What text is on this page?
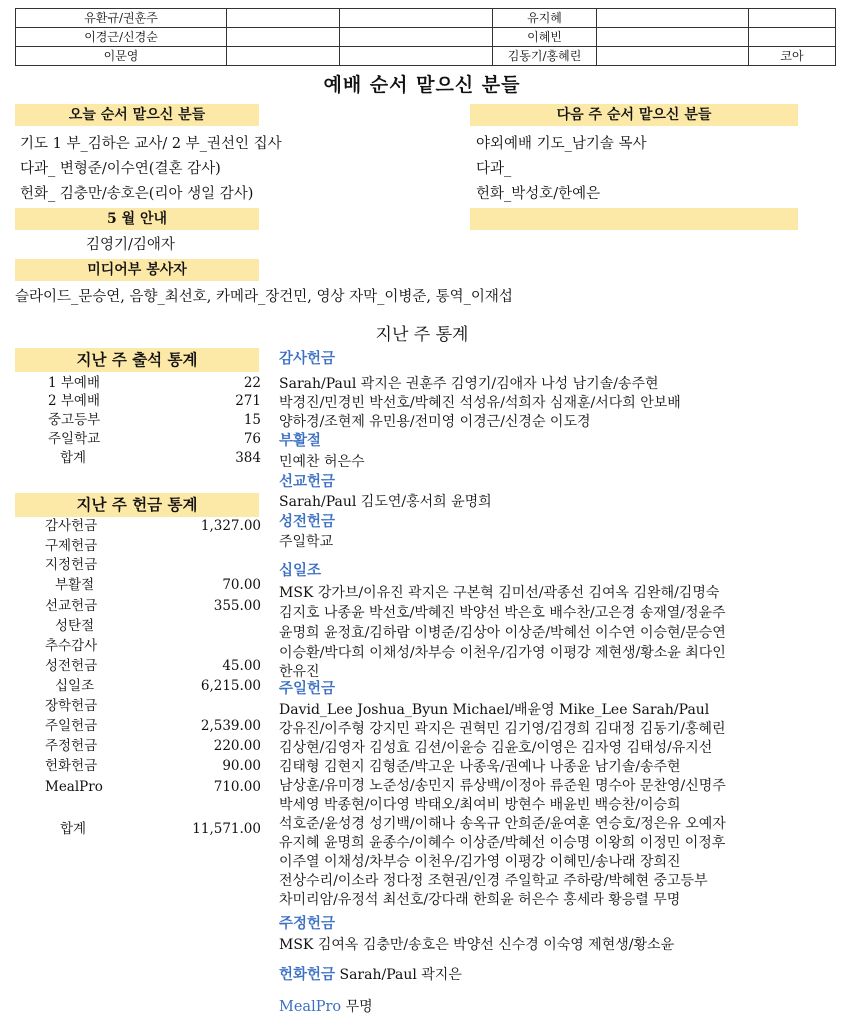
유환규/권훈주			유지혜		
이경근/신경순			이혜빈		
이문영			김동기/홍혜린		코아
예배 순서 맡으신 분들
오늘 순서 맡으신 분들
기도 1 부_김하은 교사/ 2 부_권선인 집사
다과_ 변형준/이수연(결혼 감사)
헌화_ 김충만/송호은(리아 생일 감사)
다음 주 순서 맡으신 분들
야외예배 기도_남기솔 목사
다과_
헌화_박성호/한예은
5 월 안내
김영기/김애자
미디어부 봉사자
슬라이드_문승연, 음향_최선호, 카메라_장건민, 영상 자막_이병준, 통역_이재섭
지난 주 통계
지난 주 출석 통계
1 부예배	22
2 부예배	271
중고등부	15
주일학교	76
합계	384
지난 주 헌금 통계
감사헌금	1,327.00
구제헌금
지정헌금
부활절	70.00
선교헌금	355.00
성탄절
추수감사
성전헌금	45.00
십일조	6,215.00
장학헌금
주일헌금	2,539.00
주정헌금	220.00
헌화헌금	90.00
MealPro	710.00
합계	11,571.00
감사헌금
Sarah/Paul 곽지은 권훈주 김영기/김애자 나성 남기솔/송주현
박경진/민경빈 박선호/박혜진 석성유/석희자 심재훈/서다희 안보배
양하경/조현제 유민용/전미영 이경근/신경순 이도경
부활절
민예찬 허은수
선교헌금
Sarah/Paul 김도연/홍서희 윤명희
성전헌금
주일학교
십일조
MSK 강가브/이유진 곽지은 구본혁 김미선/곽종선 김여옥 김완해/김명숙
김지호 나종윤 박선호/박혜진 박양선 박은호 배수찬/고은경 송재열/정윤주
윤명희 윤정효/김하람 이병준/김상아 이상준/박혜선 이수연 이승현/문승연
이승환/박다희 이채성/차부승 이천우/김가영 이평강 제현생/황소윤 최다인
한유진
주일헌금
David_Lee Joshua_Byun Michael/배윤영 Mike_Lee Sarah/Paul
강유진/이주형 강지민 곽지은 권혁민 김기영/김경희 김대정 김동기/홍혜린
김상현/김영자 김성효 김션/이윤승 김윤호/이영은 김자영 김태성/유지선
김태형 김현지 김형준/박고운 나종욱/권예나 나종윤 남기솔/송주현
남상훈/유미경 노준성/송민지 류상백/이정아 류준원 명수아 문찬영/신명주
박세영 박종현/이다영 박태오/최여비 방현수 배윤빈 백승찬/이승희
석호준/윤성경 성기백/이해나 송옥규 안희준/윤여훈 연승호/정은유 오예자
유지혜 윤명희 윤종수/이혜수 이상준/박혜선 이승명 이왕희 이정민 이정후
이주열 이채성/차부승 이천우/김가영 이평강 이혜민/송나래 장희진
전상수리/이소라 정다정 조현권/인경 주일학교 주하랑/박혜현 중고등부
차미리암/유정석 최선호/강다래 한희윤 허은수 홍세라 황응렬 무명
주정헌금
MSK 김여옥 김충만/송호은 박양선 신수경 이숙영 제현생/황소윤
헌화헌금 Sarah/Paul 곽지은
MealPro 무명
